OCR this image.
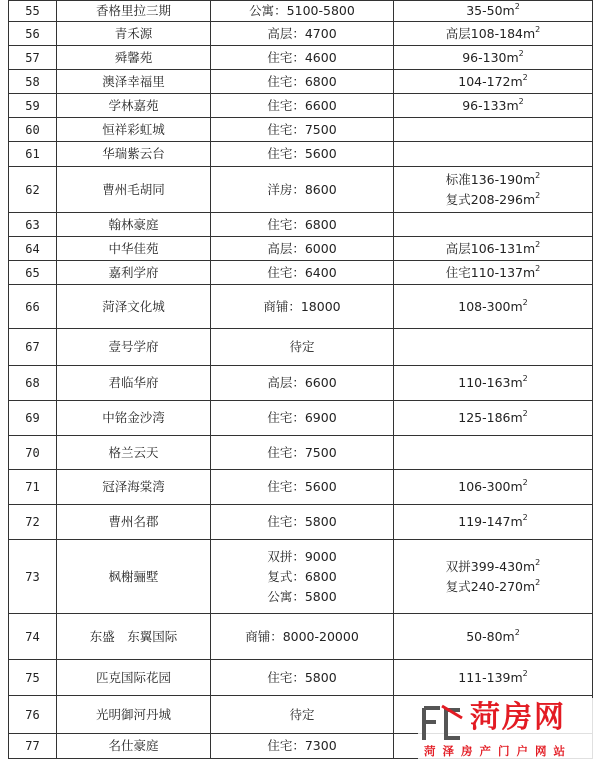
55	香格里拉三期	公寓：5100-5800	$35-50m^2$

56	青禾源	高层：4700	高层$108-184m^2$

57	舜馨苑	住宅：4600	$96-130m^2$

58	澳泽幸福里	住宅：6800	$104-172m^2$

59	学林嘉苑	住宅：6600	$96-133m^2$

60	恒祥彩虹城	住宅：7500	

61	华瑞紫云台	住宅：5600	

62	曹州毛胡同	洋房：8600	标准$136-190m^2$
复式$208-296m^2$

63	翰林豪庭	住宅：6800	

64	中华佳苑	高层：6000	高层$106-131m^2$

65	嘉利学府	住宅：6400	住宅$110-137m^2$

66	菏泽文化城	商铺：18000	$108-300m^2$

67	壹号学府	待定	

68	君临华府	高层：6600	$110-163m^2$

69	中铭金沙湾	住宅：6900	$125-186m^2$

70	格兰云天	住宅：7500	

71	冠泽海棠湾	住宅：5600	$106-300m^2$

72	曹州名郡	住宅：5800	$119-147m^2$

73	枫榭骊墅	双拼：9000
复式：6800
公寓：5800	双拼$399-430m^2$
复式$240-270m^2$

74	东盛　东翼国际	商铺：8000-20000	$50-80m^2$

75	匹克国际花园	住宅：5800	$111-139m^2$

76	光明御河丹城	待定	

77	名仕豪庭	住宅：7300	

菏房网
菏泽房产门户网站
